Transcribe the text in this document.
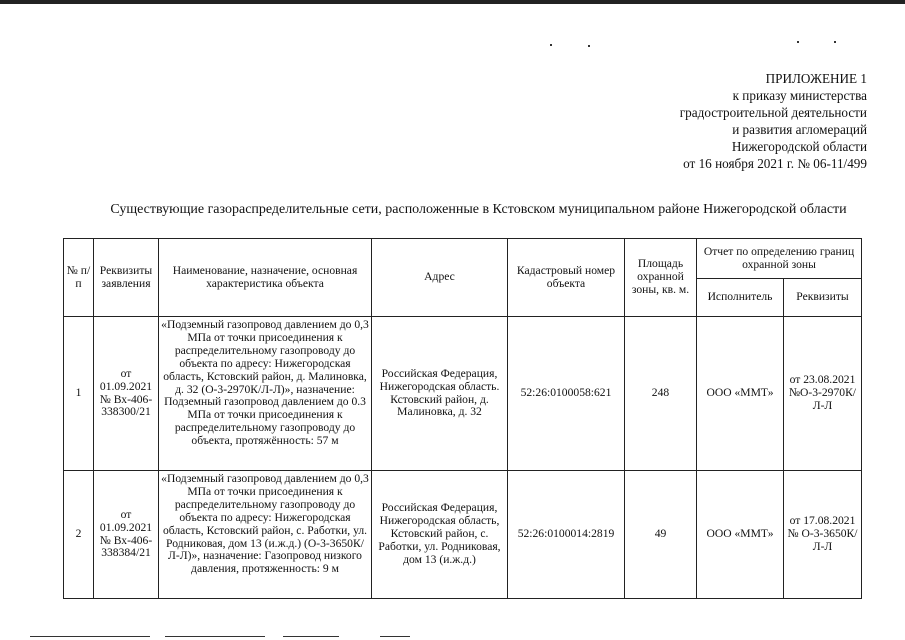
ПРИЛОЖЕНИЕ 1
к приказу министерства
градостроительной деятельности
и развития агломераций
Нижегородской области
от 16 ноября 2021 г. № 06-11/499
Существующие газораспределительные сети, расположенные в Кстовском муниципальном районе Нижегородской области
№ п/п	Реквизиты заявления	Наименование, назначение, основная характеристика объекта	Адрес	Кадастровый номер объекта	Площадь охранной зоны, кв. м.	Отчет по определению границ охранной зоны	
						Исполнитель	Реквизиты
1	от 01.09.2021 № Вх-406-338300/21	«Подземный газопровод давлением до 0,3 МПа от точки присоединения к распределительному газопроводу до объекта по адресу: Нижегородская область, Кстовский район, д. Малиновка, д. 32 (О-3-2970К/Л-Л)», назначение: Подземный газопровод давлением до 0.3 МПа от точки присоединения к распределительному газопроводу до объекта, протяжённость: 57 м	Российская Федерация, Нижегородская область. Кстовский район, д. Малиновка, д. 32	52:26:0100058:621	248	ООО «ММТ»	от 23.08.2021 №О-3-2970К/Л-Л
2	от 01.09.2021 № Вх-406-338384/21	«Подземный газопровод давлением до 0,3 МПа от точки присоединения к распределительному газопроводу до объекта по адресу: Нижегородская область, Кстовский район, с. Работки, ул. Родниковая, дом 13 (и.ж.д.) (О-3-3650К/Л-Л)», назначение: Газопровод низкого давления, протяженность: 9 м	Российская Федерация, Нижегородская область, Кстовский район, с. Работки, ул. Родниковая, дом 13 (и.ж.д.)	52:26:0100014:2819	49	ООО «ММТ»	от 17.08.2021 № О-3-3650К/Л-Л
